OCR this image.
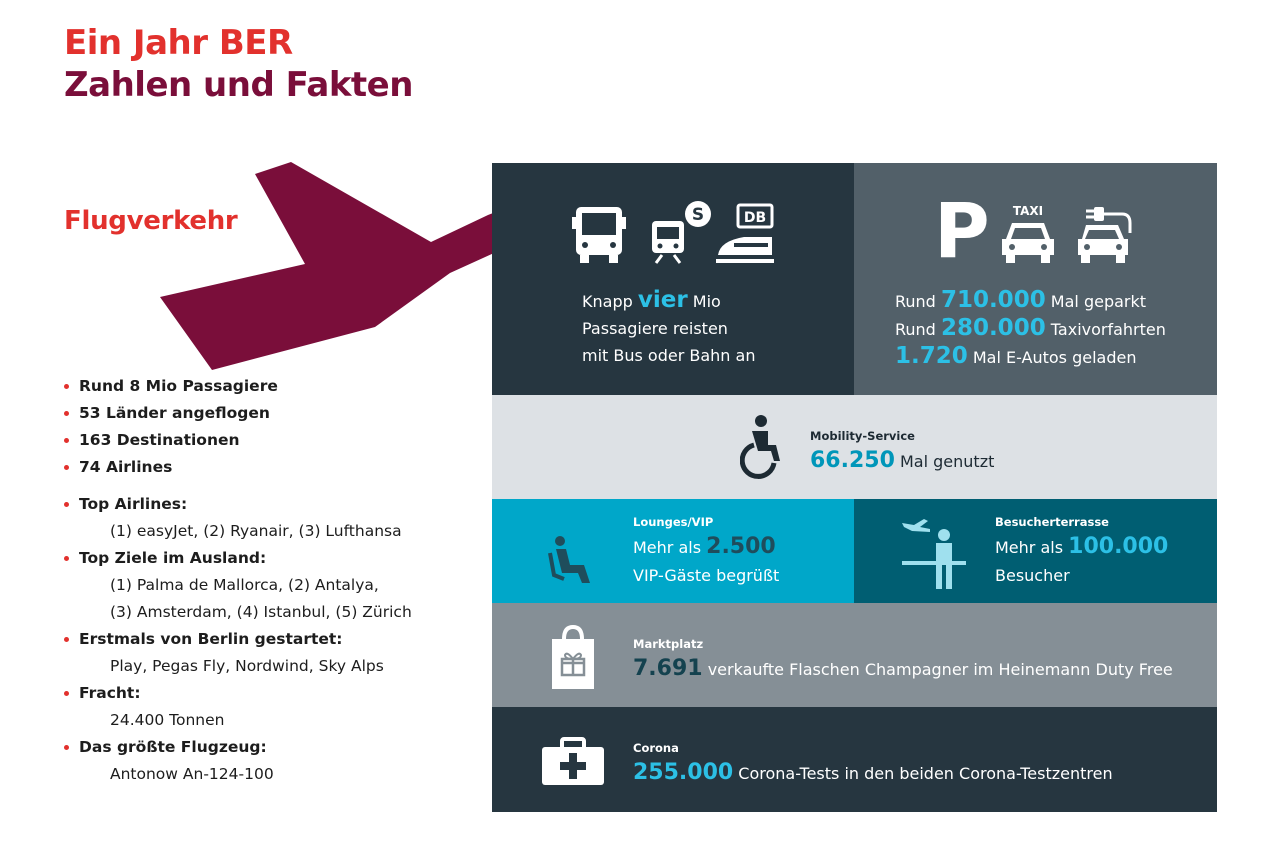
Ein Jahr BER
Zahlen und Fakten
Flugverkehr
Rund 8 Mio Passagiere
53 Länder angeflogen
163 Destinationen
74 Airlines
Top Airlines:
(1) easyJet, (2) Ryanair, (3) Lufthansa
Top Ziele im Ausland:
(1) Palma de Mallorca, (2) Antalya,
(3) Amsterdam, (4) Istanbul, (5) Zürich
Erstmals von Berlin gestartet:
Play, Pegas Fly, Nordwind, Sky Alps
Fracht:
24.400 Tonnen
Das größte Flugzeug:
Antonow An-124-100
S	DB
Knapp vier Mio
Passagiere reisten
mit Bus oder Bahn an
P TAXI
Rund 710.000 Mal geparkt
Rund 280.000 Taxivorfahrten
1.720 Mal E-Autos geladen
Mobility-Service
66.250 Mal genutzt
Lounges/VIP
Mehr als 2.500
VIP-Gäste begrüßt
Besucherterrasse
Mehr als 100.000
Besucher
Marktplatz
7.691 verkaufte Flaschen Champagner im Heinemann Duty Free
Corona
255.000 Corona-Tests in den beiden Corona-Testzentren
